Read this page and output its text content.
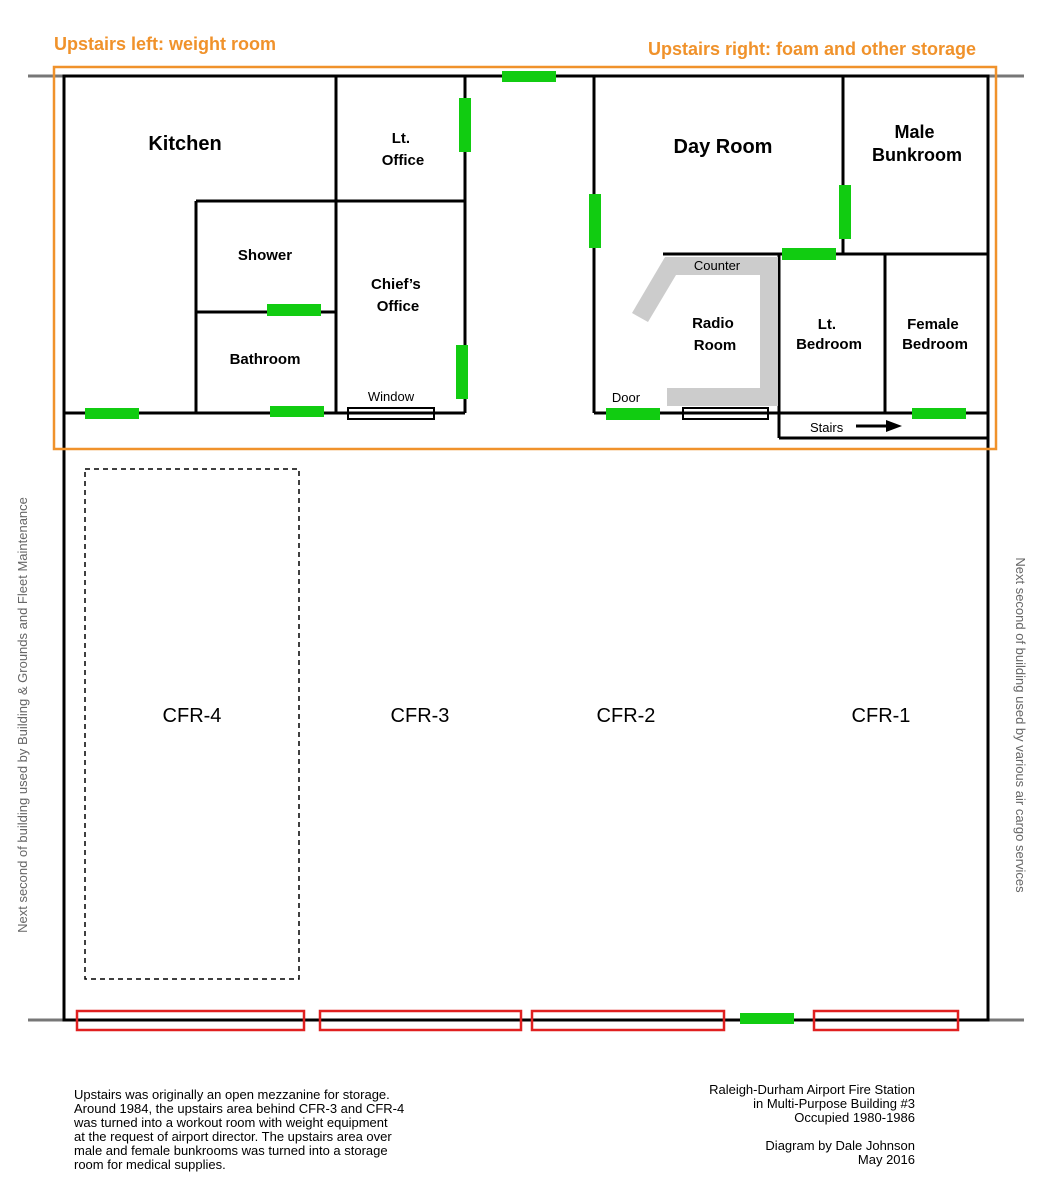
Upstairs left: weight room	Upstairs right: foam and other storage
Kitchen	Lt. Office
Shower
Bathroom
Chief’s Office
Day Room
Male Bunkroom
Radio Room
Lt. Bedroom
Female Bedroom
Counter
Window	Door
Stairs
CFR-4	CFR-3	CFR-2	CFR-1
Next second of building used by Building & Grounds and Fleet Maintenance	Next second of building used by various air cargo services
Upstairs was originally an open mezzanine for storage.
Around 1984, the upstairs area behind CFR-3 and CFR-4
was turned into a workout room with weight equipment
at the request of airport director. The upstairs area over
male and female bunkrooms was turned into a storage
room for medical supplies.
Raleigh-Durham Airport Fire Station
in Multi-Purpose Building #3
Occupied 1980-1986
Diagram by Dale Johnson
May 2016
